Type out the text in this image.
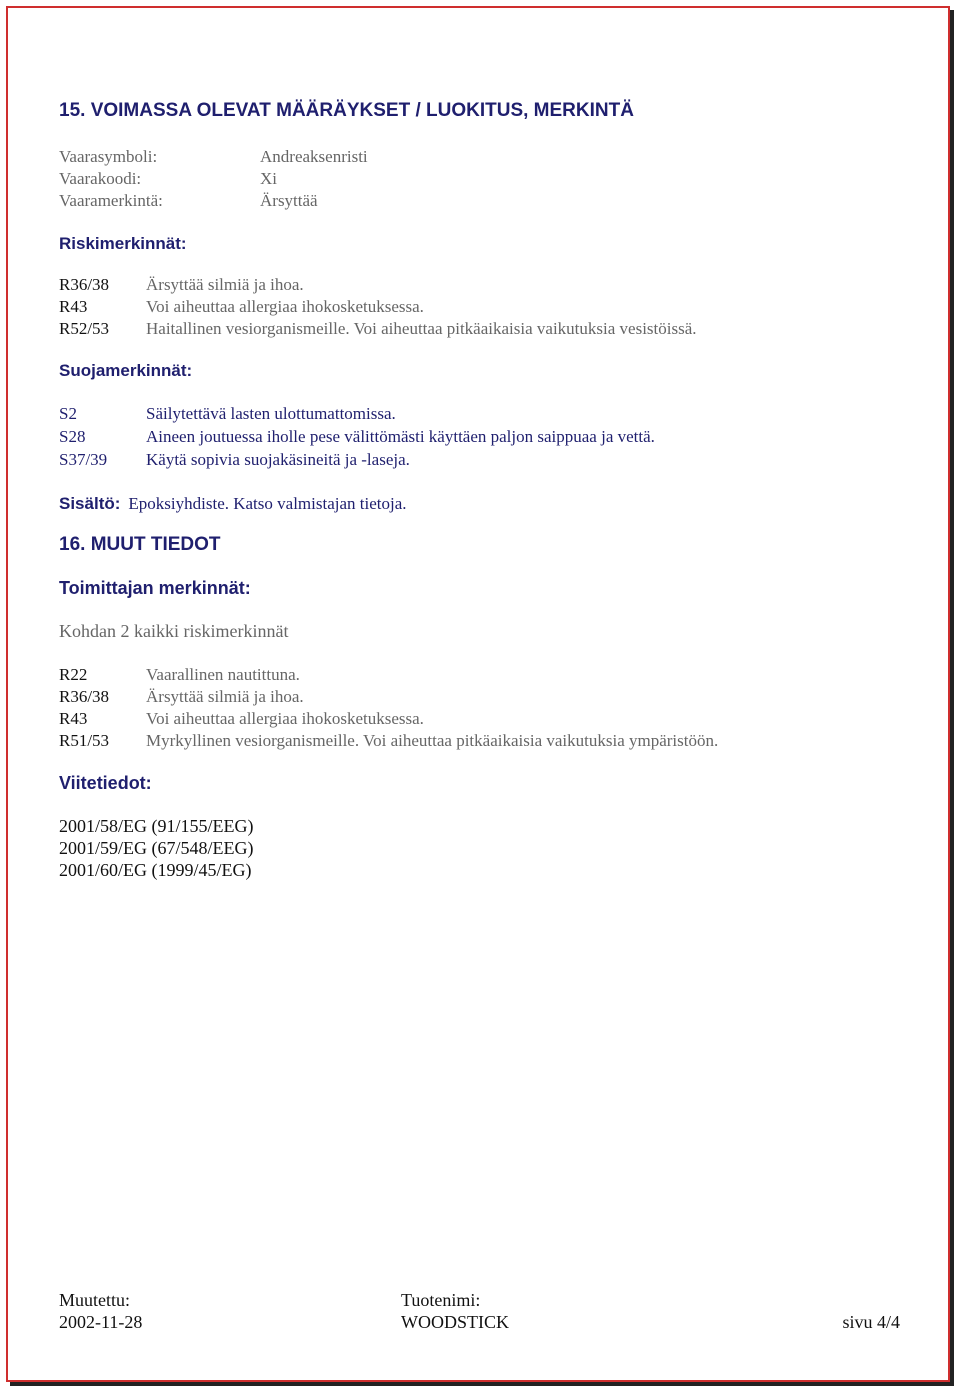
15. VOIMASSA OLEVAT MÄÄRÄYKSET / LUOKITUS, MERKINTÄ
Vaarasymboli:	Andreaksenristi
Vaarakoodi:	Xi
Vaaramerkintä:	Ärsyttää
Riskimerkinnät:
R36/38 Ärsyttää silmiä ja ihoa.
R43	Voi aiheuttaa allergiaa ihokosketuksessa.
R52/53 Haitallinen vesiorganismeille. Voi aiheuttaa pitkäaikaisia vaikutuksia vesistöissä.
Suojamerkinnät:
S2	Säilytettävä lasten ulottumattomissa.
S28	Aineen joutuessa iholle pese välittömästi käyttäen paljon saippuaa ja vettä.
S37/39 Käytä sopivia suojakäsineitä ja -laseja.
Sisältö: Epoksiyhdiste. Katso valmistajan tietoja.
16. MUUT TIEDOT
Toimittajan merkinnät:
Kohdan 2 kaikki riskimerkinnät
R22	Vaarallinen nautittuna.
R36/38 Ärsyttää silmiä ja ihoa.
R43	Voi aiheuttaa allergiaa ihokosketuksessa.
R51/53 Myrkyllinen vesiorganismeille. Voi aiheuttaa pitkäaikaisia vaikutuksia ympäristöön.
Viitetiedot:
2001/58/EG (91/155/EEG)
2001/59/EG (67/548/EEG)
2001/60/EG (1999/45/EG)
Muutettu:
2002-11-28
Tuotenimi:
WOODSTICK	sivu 4/4
